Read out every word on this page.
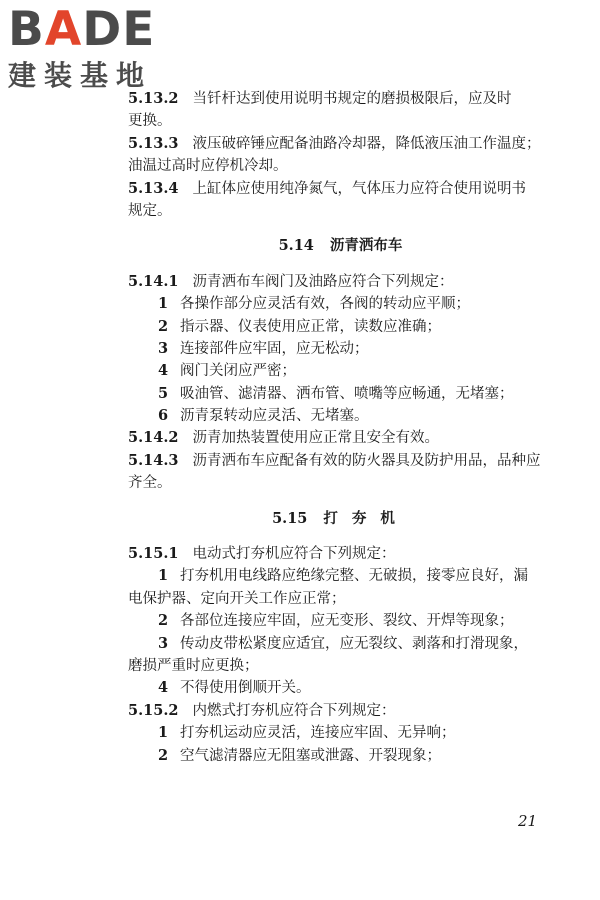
BADE
建装基地
5.13.2 当钎杆达到使用说明书规定的磨损极限后，应及时
更换。
5.13.3 液压破碎锤应配备油路冷却器，降低液压油工作温度；
油温过高时应停机冷却。
5.13.4 上缸体应使用纯净氮气，气体压力应符合使用说明书
规定。
5.14 沥青洒布车
5.14.1 沥青洒布车阀门及油路应符合下列规定：
1 各操作部分应灵活有效，各阀的转动应平顺；
2 指示器、仪表使用应正常，读数应准确；
3 连接部件应牢固，应无松动；
4 阀门关闭应严密；
5 吸油管、滤清器、洒布管、喷嘴等应畅通，无堵塞；
6 沥青泵转动应灵活、无堵塞。
5.14.2 沥青加热装置使用应正常且安全有效。
5.14.3 沥青洒布车应配备有效的防火器具及防护用品，品种应
齐全。
5.15 打夯机
5.15.1 电动式打夯机应符合下列规定：
1 打夯机用电线路应绝缘完整、无破损，接零应良好，漏
电保护器、定向开关工作应正常；
2 各部位连接应牢固，应无变形、裂纹、开焊等现象；
3 传动皮带松紧度应适宜，应无裂纹、剥落和打滑现象，
磨损严重时应更换；
4 不得使用倒顺开关。
5.15.2 内燃式打夯机应符合下列规定：
1 打夯机运动应灵活，连接应牢固、无异响；
2 空气滤清器应无阻塞或泄露、开裂现象；
21
